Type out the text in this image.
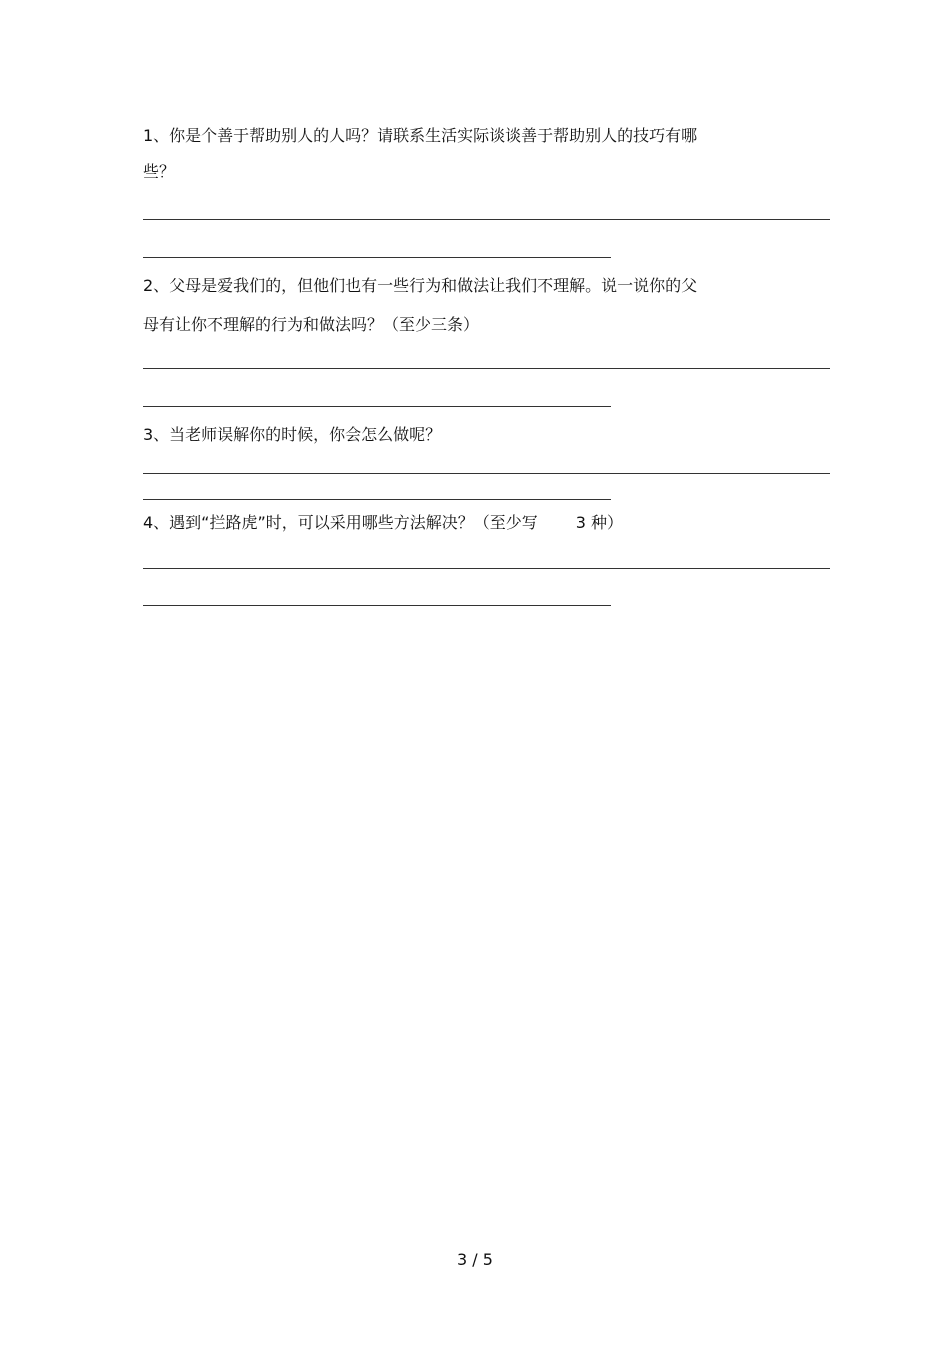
1、你是个善于帮助别人的人吗？请联系生活实际谈谈善于帮助别人的技巧有哪

些？

2、父母是爱我们的，但他们也有一些行为和做法让我们不理解。说一说你的父

母有让你不理解的行为和做法吗？（至少三条）

3、当老师误解你的时候，你会怎么做呢？

4、遇到“拦路虎”时，可以采用哪些方法解决？（至少写 3 种）

3 / 5
